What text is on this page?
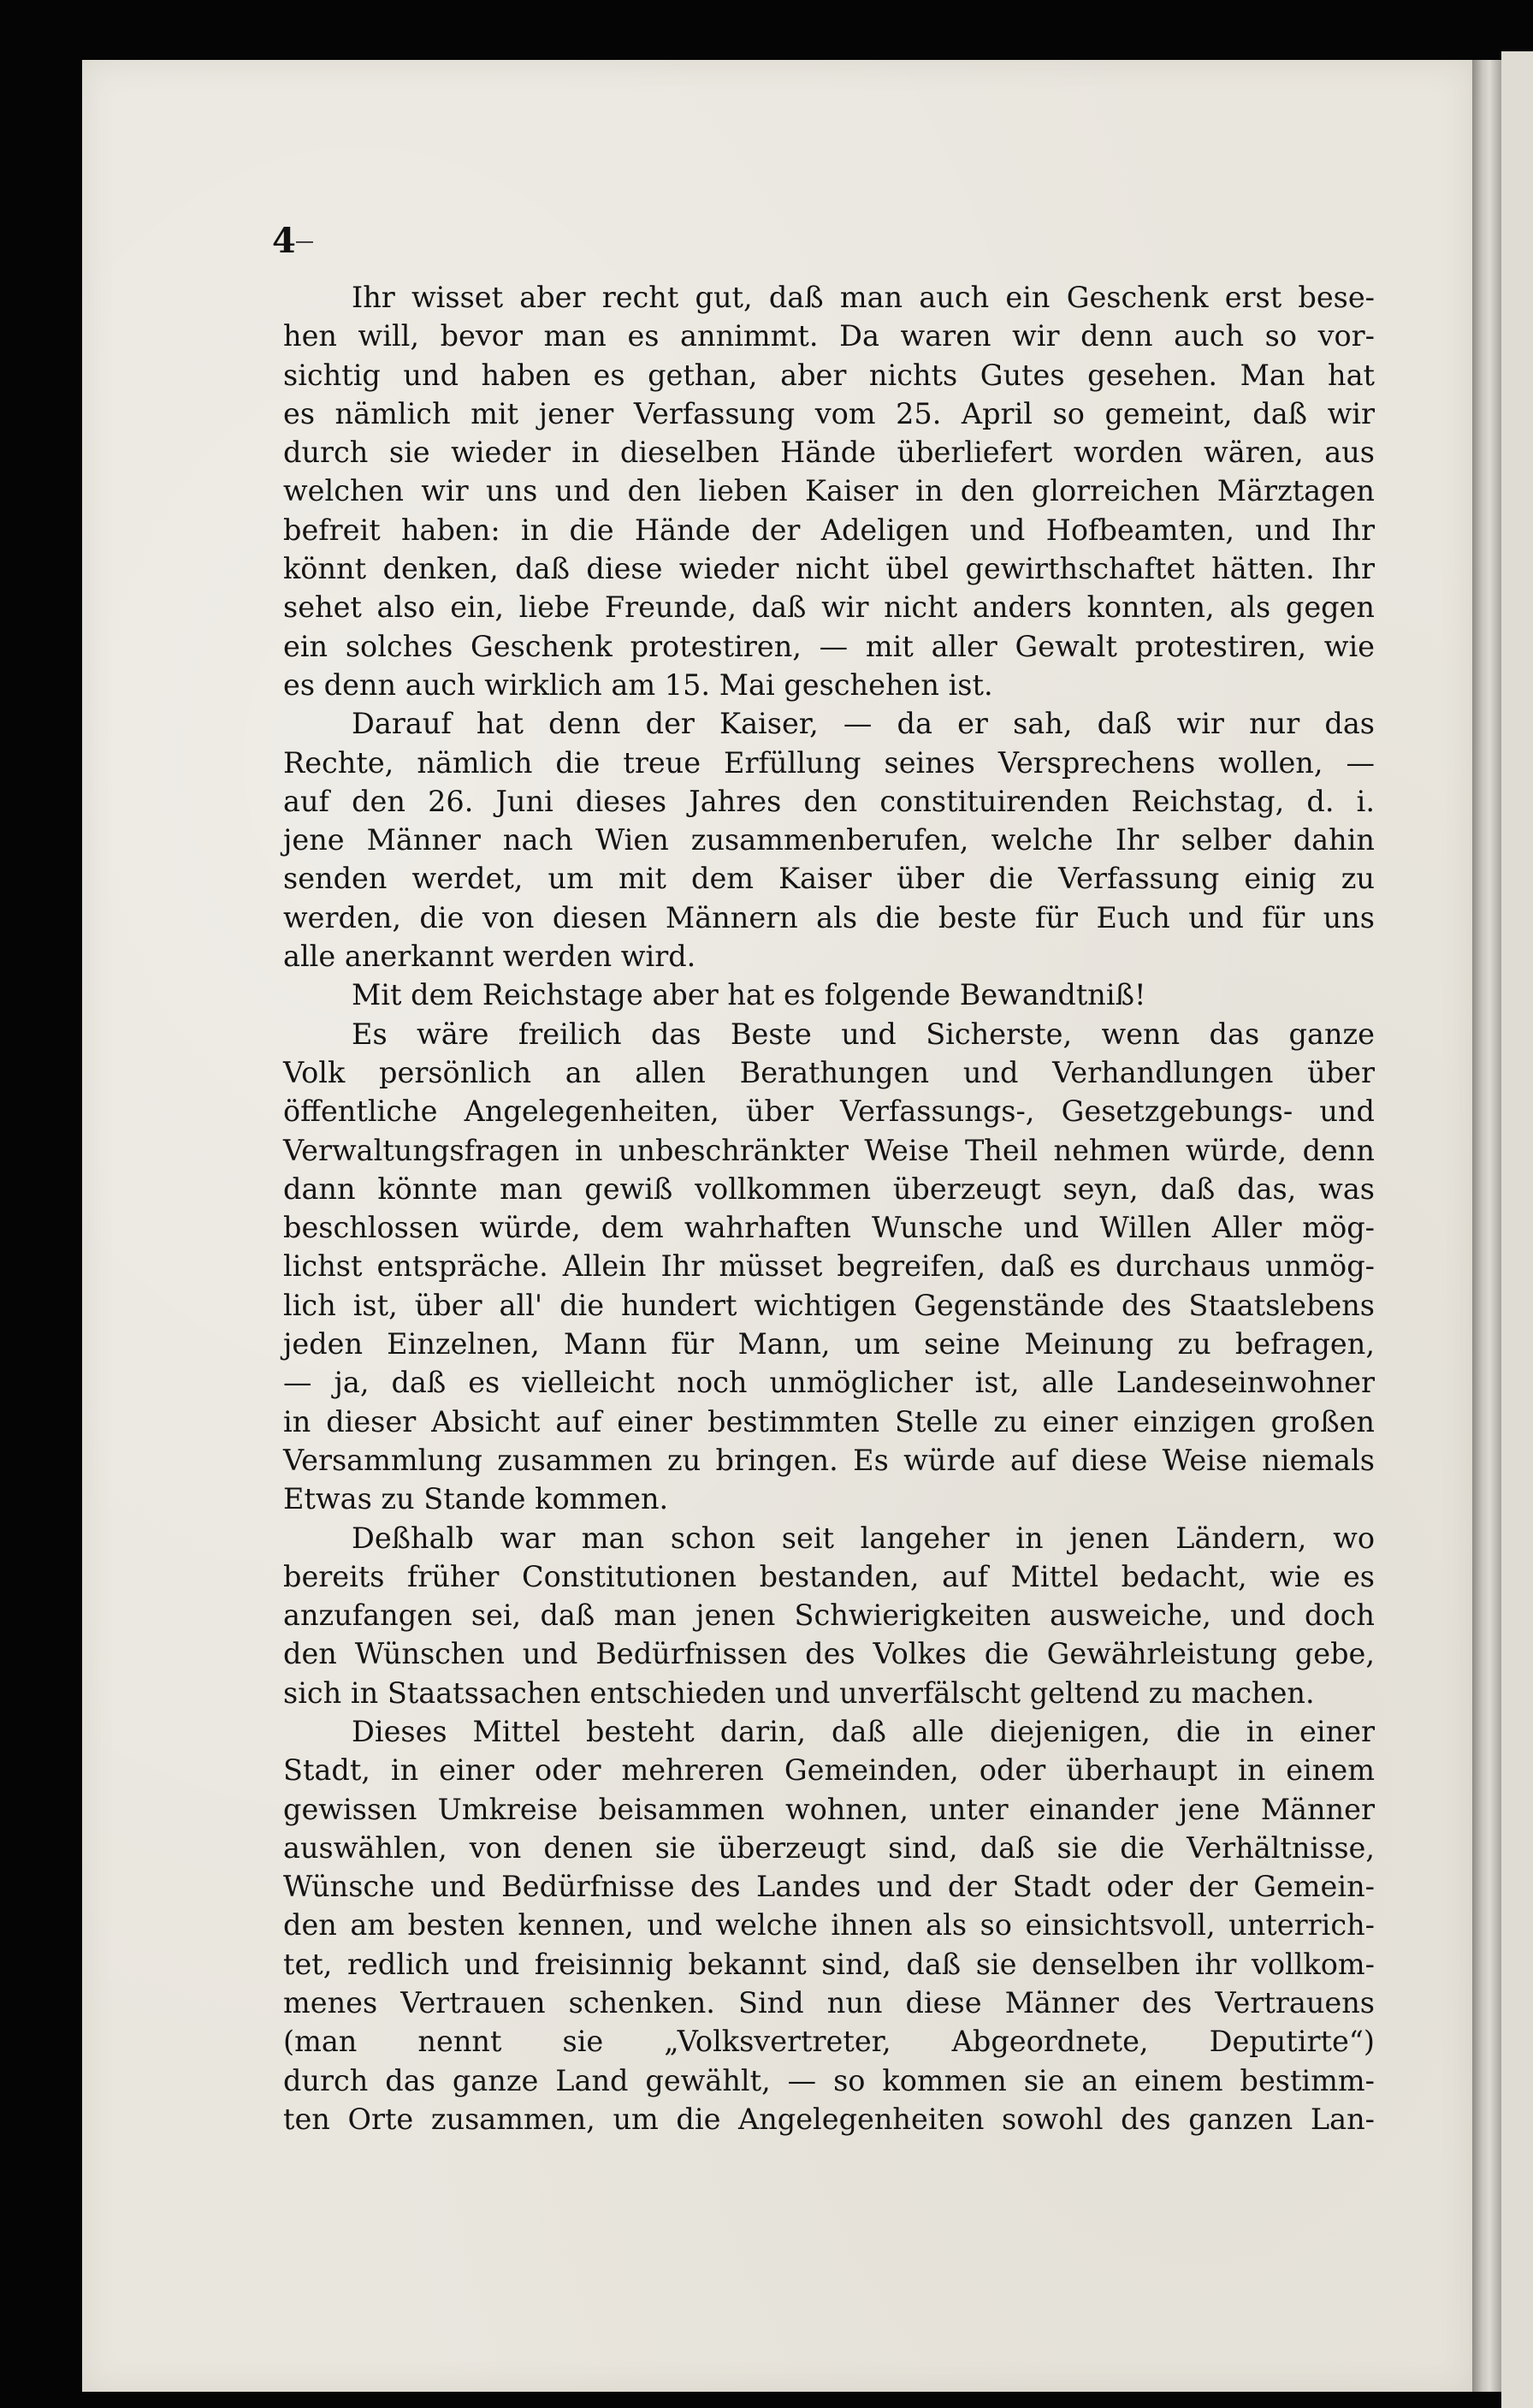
4
Ihr wisset aber recht gut, daß man auch ein Geschenk erst bese-
hen will, bevor man es annimmt. Da waren wir denn auch so vor-
sichtig und haben es gethan, aber nichts Gutes gesehen. Man hat
es nämlich mit jener Verfassung vom 25. April so gemeint, daß wir
durch sie wieder in dieselben Hände überliefert worden wären, aus
welchen wir uns und den lieben Kaiser in den glorreichen Märztagen
befreit haben: in die Hände der Adeligen und Hofbeamten, und Ihr
könnt denken, daß diese wieder nicht übel gewirthschaftet hätten. Ihr
sehet also ein, liebe Freunde, daß wir nicht anders konnten, als gegen
ein solches Geschenk protestiren, — mit aller Gewalt protestiren, wie
es denn auch wirklich am 15. Mai geschehen ist.
Darauf hat denn der Kaiser, — da er sah, daß wir nur das
Rechte, nämlich die treue Erfüllung seines Versprechens wollen, —
auf den 26. Juni dieses Jahres den constituirenden Reichstag, d. i.
jene Männer nach Wien zusammenberufen, welche Ihr selber dahin
senden werdet, um mit dem Kaiser über die Verfassung einig zu
werden, die von diesen Männern als die beste für Euch und für uns
alle anerkannt werden wird.
Mit dem Reichstage aber hat es folgende Bewandtniß!
Es wäre freilich das Beste und Sicherste, wenn das ganze
Volk persönlich an allen Berathungen und Verhandlungen über
öffentliche Angelegenheiten, über Verfassungs-, Gesetzgebungs- und
Verwaltungsfragen in unbeschränkter Weise Theil nehmen würde, denn
dann könnte man gewiß vollkommen überzeugt seyn, daß das, was
beschlossen würde, dem wahrhaften Wunsche und Willen Aller mög-
lichst entspräche. Allein Ihr müsset begreifen, daß es durchaus unmög-
lich ist, über all' die hundert wichtigen Gegenstände des Staatslebens
jeden Einzelnen, Mann für Mann, um seine Meinung zu befragen,
— ja, daß es vielleicht noch unmöglicher ist, alle Landeseinwohner
in dieser Absicht auf einer bestimmten Stelle zu einer einzigen großen
Versammlung zusammen zu bringen. Es würde auf diese Weise niemals
Etwas zu Stande kommen.
Deßhalb war man schon seit langeher in jenen Ländern, wo
bereits früher Constitutionen bestanden, auf Mittel bedacht, wie es
anzufangen sei, daß man jenen Schwierigkeiten ausweiche, und doch
den Wünschen und Bedürfnissen des Volkes die Gewährleistung gebe,
sich in Staatssachen entschieden und unverfälscht geltend zu machen.
Dieses Mittel besteht darin, daß alle diejenigen, die in einer
Stadt, in einer oder mehreren Gemeinden, oder überhaupt in einem
gewissen Umkreise beisammen wohnen, unter einander jene Männer
auswählen, von denen sie überzeugt sind, daß sie die Verhältnisse,
Wünsche und Bedürfnisse des Landes und der Stadt oder der Gemein-
den am besten kennen, und welche ihnen als so einsichtsvoll, unterrich-
tet, redlich und freisinnig bekannt sind, daß sie denselben ihr vollkom-
menes Vertrauen schenken. Sind nun diese Männer des Vertrauens
(man nennt sie „Volksvertreter, Abgeordnete, Deputirte“)
durch das ganze Land gewählt, — so kommen sie an einem bestimm-
ten Orte zusammen, um die Angelegenheiten sowohl des ganzen Lan-
